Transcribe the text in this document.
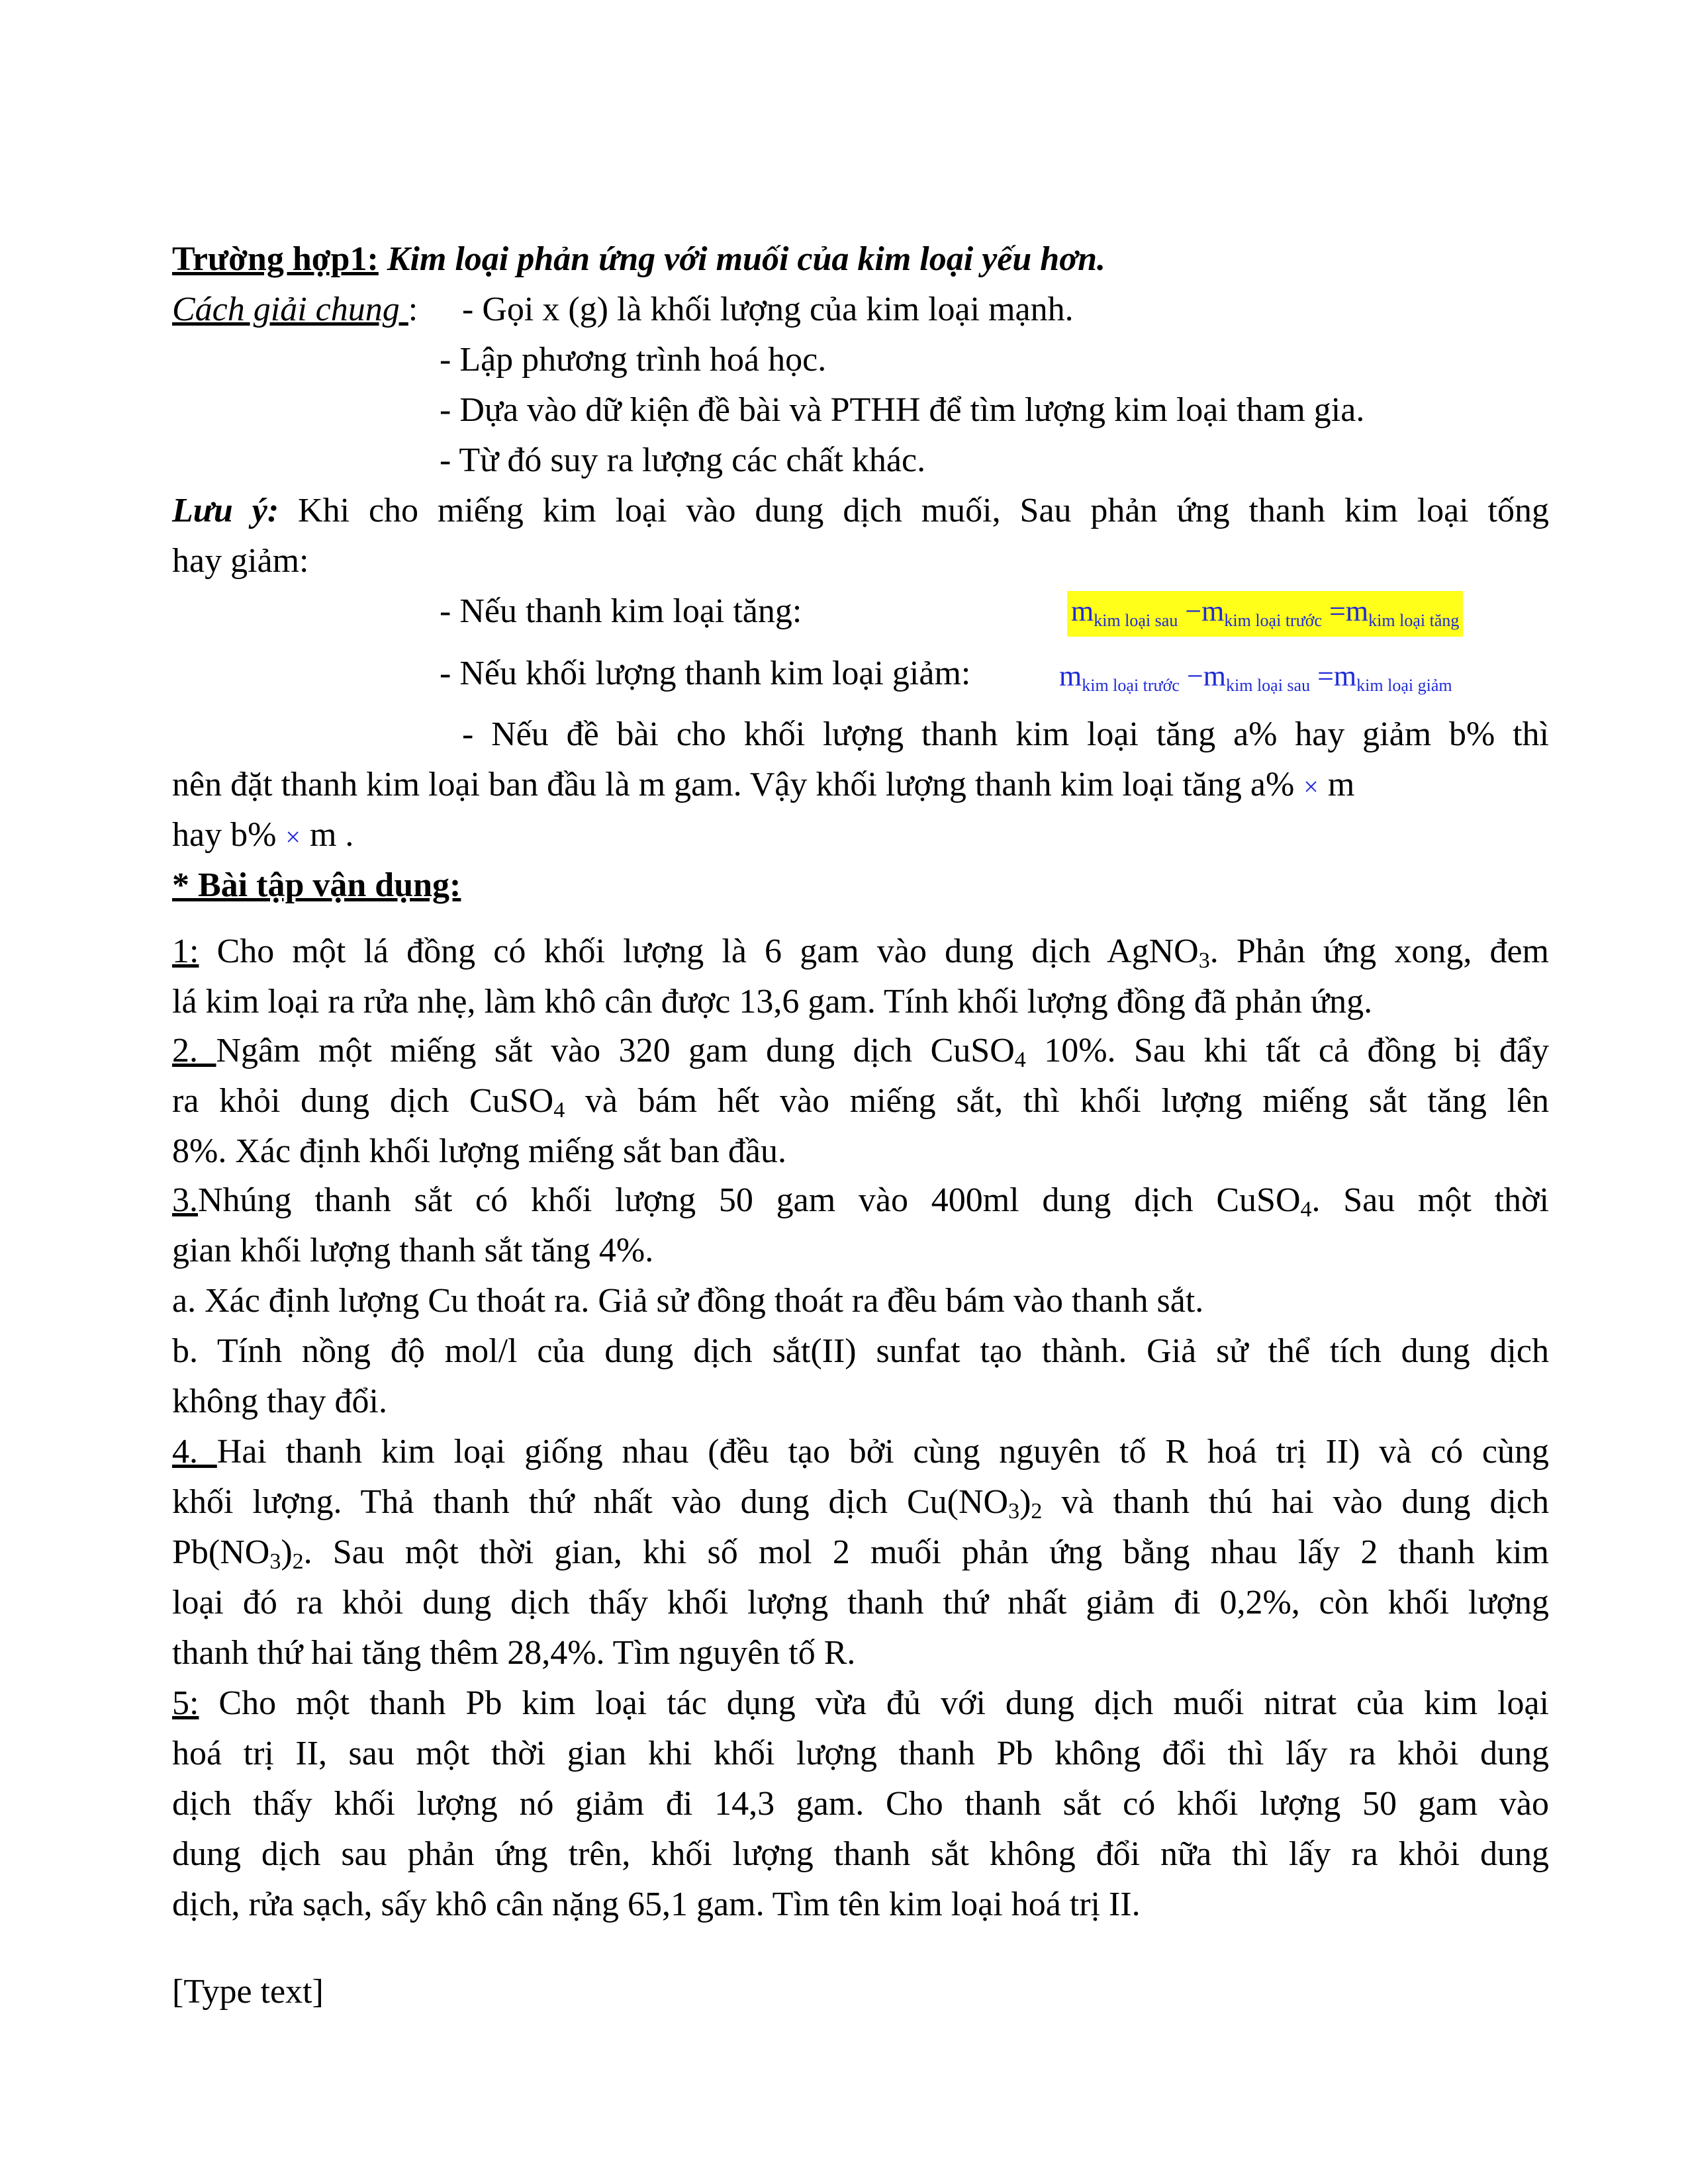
Trường hợp1: Kim loại phản ứng với muối của kim loại yếu hơn.
Cách giải chung : - Gọi x (g) là khối lượng của kim loại mạnh.
- Lập phương trình hoá học.
- Dựa vào dữ kiện đề bài và PTHH để tìm lượng kim loại tham gia.
- Từ đó suy ra lượng các chất khác.
Lưu ý: Khi cho miếng kim loại vào dung dịch muối, Sau phản ứng thanh kim loại tống
hay giảm:
- Nếu thanh kim loại tăng:	$m_{kim loại sau} -m_{kim loại trước} =m_{kim loại tăng}$
- Nếu khối lượng thanh kim loại giảm:	$m_{kim loại trước} -m_{kim loại sau} =m_{kim loại giảm}$
- Nếu đề bài cho khối lượng thanh kim loại tăng a% hay giảm b% thì
nên đặt thanh kim loại ban đầu là m gam. Vậy khối lượng thanh kim loại tăng a% × m
hay b% × m .
* Bài tập vận dụng:
1: Cho một lá đồng có khối lượng là 6 gam vào dung dịch AgNO$_3$. Phản ứng xong, đem
lá kim loại ra rửa nhẹ, làm khô cân được 13,6 gam. Tính khối lượng đồng đã phản ứng.
2. Ngâm một miếng sắt vào 320 gam dung dịch CuSO$_4$ 10%. Sau khi tất cả đồng bị đẩy
ra khỏi dung dịch CuSO$_4$ và bám hết vào miếng sắt, thì khối lượng miếng sắt tăng lên
8%. Xác định khối lượng miếng sắt ban đầu.
3.Nhúng thanh sắt có khối lượng 50 gam vào 400ml dung dịch CuSO$_4$. Sau một thời
gian khối lượng thanh sắt tăng 4%.
a. Xác định lượng Cu thoát ra. Giả sử đồng thoát ra đều bám vào thanh sắt.
b. Tính nồng độ mol/l của dung dịch sắt(II) sunfat tạo thành. Giả sử thể tích dung dịch
không thay đổi.
4. Hai thanh kim loại giống nhau (đều tạo bởi cùng nguyên tố R hoá trị II) và có cùng
khối lượng. Thả thanh thứ nhất vào dung dịch $Cu(NO_3)_2$ và thanh thú hai vào dung dịch
$Pb(NO_3)_2$. Sau một thời gian, khi số mol 2 muối phản ứng bằng nhau lấy 2 thanh kim
loại đó ra khỏi dung dịch thấy khối lượng thanh thứ nhất giảm đi 0,2%, còn khối lượng
thanh thứ hai tăng thêm 28,4%. Tìm nguyên tố R.
5: Cho một thanh Pb kim loại tác dụng vừa đủ với dung dịch muối nitrat của kim loại
hoá trị II, sau một thời gian khi khối lượng thanh Pb không đổi thì lấy ra khỏi dung
dịch thấy khối lượng nó giảm đi 14,3 gam. Cho thanh sắt có khối lượng 50 gam vào
dung dịch sau phản ứng trên, khối lượng thanh sắt không đổi nữa thì lấy ra khỏi dung
dịch, rửa sạch, sấy khô cân nặng 65,1 gam. Tìm tên kim loại hoá trị II.
[Type text]
